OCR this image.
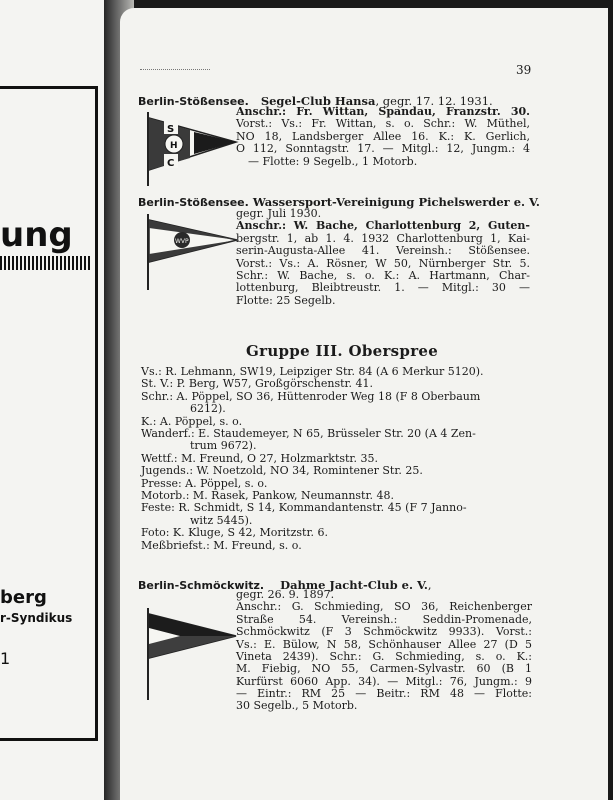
ung
berg
r-Syndikus
1
39
Berlin-Stößensee. Segel-Club Hansa, gegr. 17. 12. 1931.
S
H
C
Anschr.: Fr. Wittan, Spandau, Franzstr. 30.
Vorst.: Vs.: Fr. Wittan, s. o. Schr.: W. Müthel,
NO 18, Landsberger Allee 16. K.: K. Gerlich,
O 112, Sonntagstr. 17. — Mitgl.: 12, Jungm.: 4
— Flotte: 9 Segelb., 1 Motorb.
Berlin-Stößensee. Wassersport-Vereinigung Pichelswerder e. V.
WVP
gegr. Juli 1930.
Anschr.: W. Bache, Charlottenburg 2, Guten-
bergstr. 1, ab 1. 4. 1932 Charlottenburg 1, Kai-
serin-Augusta-Allee 41. Vereinsh.: Stößensee.
Vorst.: Vs.: A. Rösner, W 50, Nürnberger Str. 5.
Schr.: W. Bache, s. o. K.: A. Hartmann, Char-
lottenburg, Bleibtreustr. 1. — Mitgl.: 30 —
Flotte: 25 Segelb.
Gruppe III. Oberspree
Vs.: R. Lehmann, SW19, Leipziger Str. 84 (A 6 Merkur 5120).
St. V.: P. Berg, W57, Großgörschenstr. 41.
Schr.: A. Pöppel, SO 36, Hüttenroder Weg 18 (F 8 Oberbaum
6212).
K.: A. Pöppel, s. o.
Wanderf.: E. Staudemeyer, N 65, Brüsseler Str. 20 (A 4 Zen-
trum 9672).
Wettf.: M. Freund, O 27, Holzmarktstr. 35.
Jugends.: W. Noetzold, NO 34, Romintener Str. 25.
Presse: A. Pöppel, s. o.
Motorb.: M. Rasek, Pankow, Neumannstr. 48.
Feste: R. Schmidt, S 14, Kommandantenstr. 45 (F 7 Janno-
witz 5445).
Foto: K. Kluge, S 42, Moritzstr. 6.
Meßbriefst.: M. Freund, s. o.
Berlin-Schmöckwitz. Dahme Jacht-Club e. V.,
gegr. 26. 9. 1897.
Anschr.: G. Schmieding, SO 36, Reichenberger
Straße 54. Vereinsh.: Seddin-Promenade,
Schmöckwitz (F 3 Schmöckwitz 9933). Vorst.:
Vs.: E. Bülow, N 58, Schönhauser Allee 27 (D 5
Vineta 2439). Schr.: G. Schmieding, s. o. K.:
M. Fiebig, NO 55, Carmen-Sylvastr. 60 (B 1
Kurfürst 6060 App. 34). — Mitgl.: 76, Jungm.: 9
— Eintr.: RM 25 — Beitr.: RM 48 — Flotte:
30 Segelb., 5 Motorb.
